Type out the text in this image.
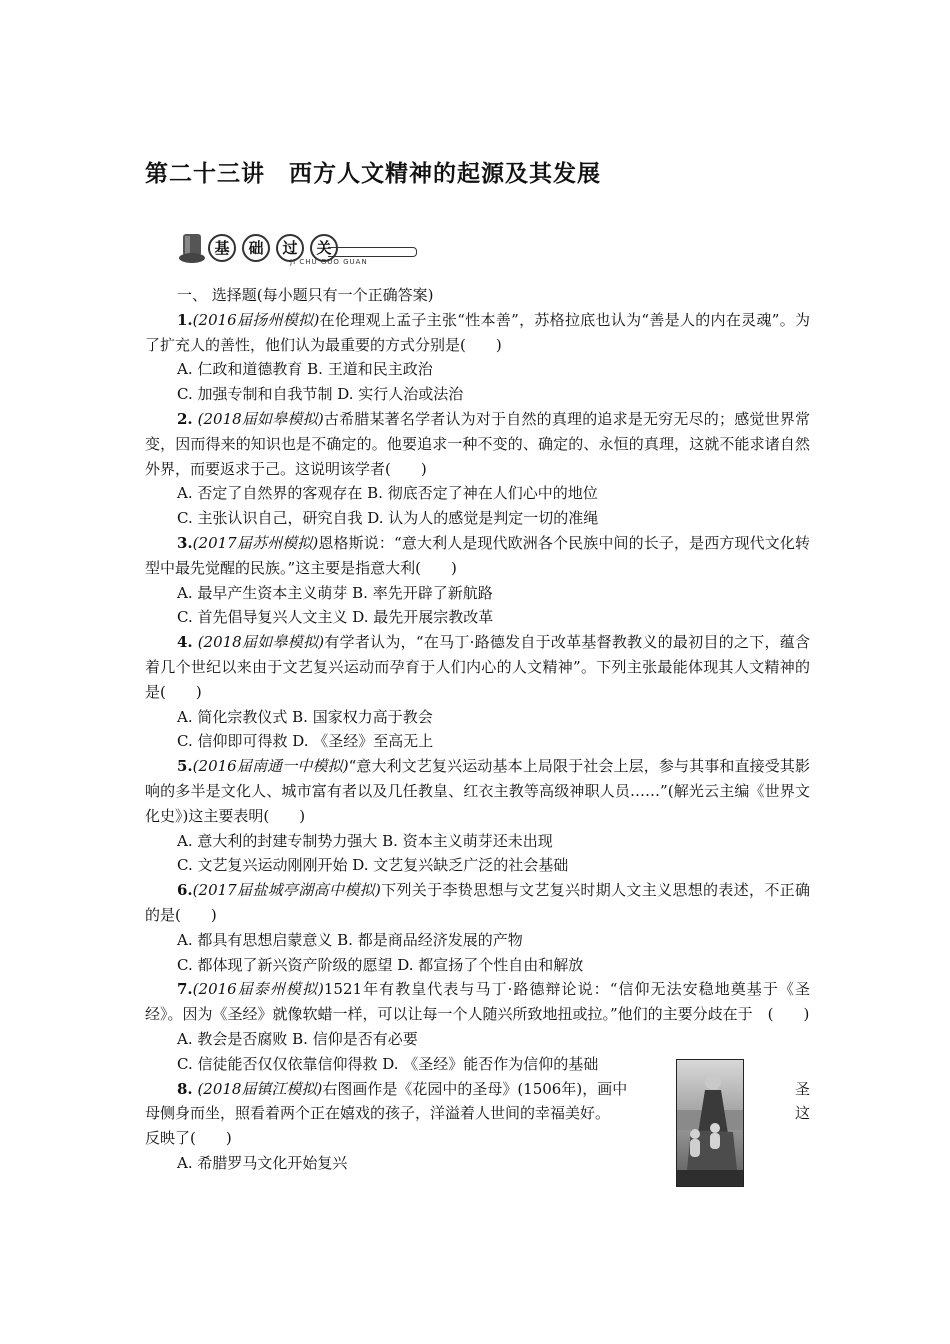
第二十三讲　西方人文精神的起源及其发展
基 础 过 关
JI CHU GUO GUAN

一、 选择题(每小题只有一个正确答案)

1.(2016届扬州模拟)在伦理观上孟子主张“性本善”，苏格拉底也认为“善是人的内在灵魂”。为了扩充人的善性，他们认为最重要的方式分别是(　　)

A. 仁政和道德教育 B. 王道和民主政治

C. 加强专制和自我节制 D. 实行人治或法治

2. (2018届如皋模拟)古希腊某著名学者认为对于自然的真理的追求是无穷无尽的；感觉世界常变，因而得来的知识也是不确定的。他要追求一种不变的、确定的、永恒的真理，这就不能求诸自然外界，而要返求于己。这说明该学者(　　)

A. 否定了自然界的客观存在 B. 彻底否定了神在人们心中的地位

C. 主张认识自己，研究自我 D. 认为人的感觉是判定一切的准绳

3.(2017届苏州模拟)恩格斯说：“意大利人是现代欧洲各个民族中间的长子，是西方现代文化转型中最先觉醒的民族。”这主要是指意大利(　　)

A. 最早产生资本主义萌芽 B. 率先开辟了新航路

C. 首先倡导复兴人文主义 D. 最先开展宗教改革

4. (2018届如皋模拟)有学者认为，“在马丁·路德发自于改革基督教教义的最初目的之下，蕴含着几个世纪以来由于文艺复兴运动而孕育于人们内心的人文精神”。下列主张最能体现其人文精神的是(　　)

A. 简化宗教仪式 B. 国家权力高于教会

C. 信仰即可得救 D. 《圣经》至高无上

5.(2016届南通一中模拟)“意大利文艺复兴运动基本上局限于社会上层，参与其事和直接受其影响的多半是文化人、城市富有者以及几任教皇、红衣主教等高级神职人员……”(解光云主编《世界文化史》)这主要表明(　　)

A. 意大利的封建专制势力强大 B. 资本主义萌芽还未出现

C. 文艺复兴运动刚刚开始 D. 文艺复兴缺乏广泛的社会基础

6.(2017届盐城亭湖高中模拟)下列关于李贽思想与文艺复兴时期人文主义思想的表述，不正确的是(　　)

A. 都具有思想启蒙意义 B. 都是商品经济发展的产物

C. 都体现了新兴资产阶级的愿望 D. 都宣扬了个性自由和解放

7.(2016届泰州模拟)1521年有教皇代表与马丁·路德辩论说：“信仰无法安稳地奠基于《圣经》。因为《圣经》就像软蜡一样，可以让每一个人随兴所致地扭或拉。”他们的主要分歧在于　(　　)

A. 教会是否腐败 B. 信仰是否有必要

C. 信徒能否仅仅依靠信仰得救 D. 《圣经》能否作为信仰的基础

8. (2018届镇江模拟)右图画作是《花园中的圣母》(1506年)，画中	圣

母侧身而坐，照看着两个正在嬉戏的孩子，洋溢着人世间的幸福美好。	这

反映了(　　)

A. 希腊罗马文化开始复兴
